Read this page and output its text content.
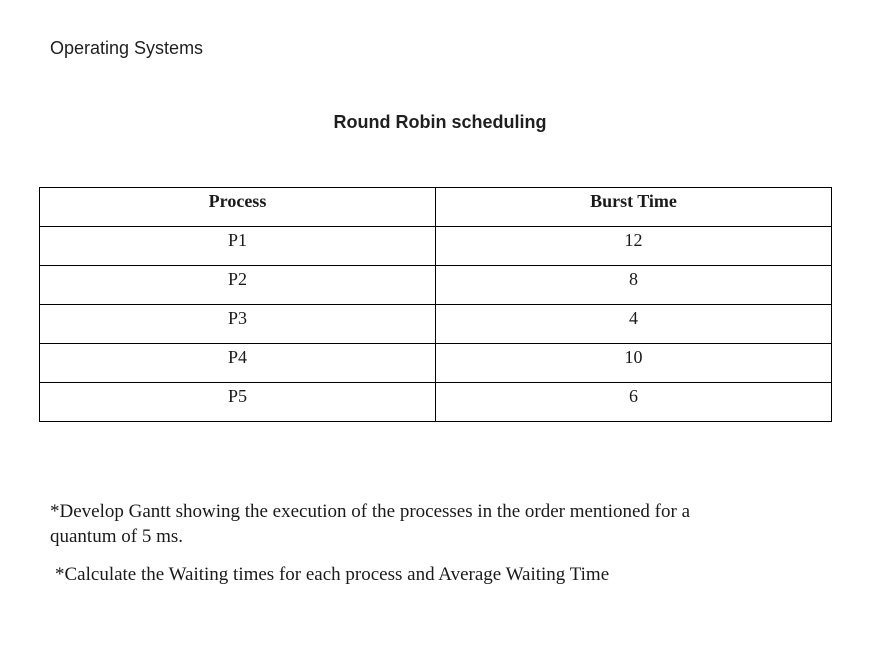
Operating Systems
Round Robin scheduling
Process	Burst Time
P1	12
P2	8
P3	4
P4	10
P5	6
*Develop Gantt showing the execution of the processes in the order mentioned for a quantum of 5 ms.
*Calculate the Waiting times for each process and Average Waiting Time
